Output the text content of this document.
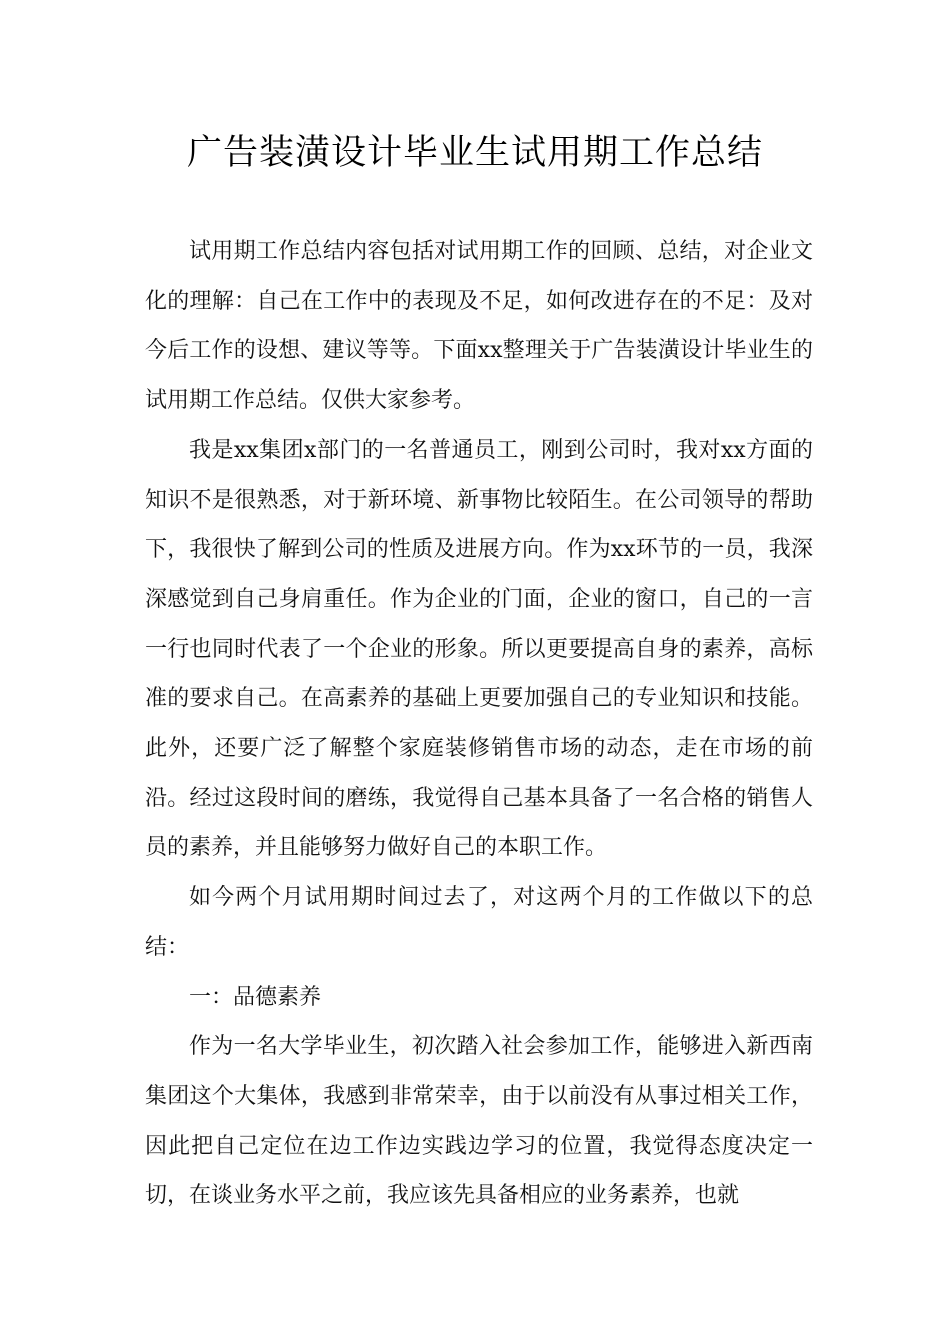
广告装潢设计毕业生试用期工作总结

试用期工作总结内容包括对试用期工作的回顾、总结，对企业文化的理解：自己在工作中的表现及不足，如何改进存在的不足：及对今后工作的设想、建议等等。下面xx整理关于广告装潢设计毕业生的试用期工作总结。仅供大家参考。

我是xx集团x部门的一名普通员工，刚到公司时，我对xx方面的知识不是很熟悉，对于新环境、新事物比较陌生。在公司领导的帮助下，我很快了解到公司的性质及进展方向。作为xx环节的一员，我深深感觉到自己身肩重任。作为企业的门面，企业的窗口，自己的一言一行也同时代表了一个企业的形象。所以更要提高自身的素养，高标准的要求自己。在高素养的基础上更要加强自己的专业知识和技能。此外，还要广泛了解整个家庭装修销售市场的动态，走在市场的前沿。经过这段时间的磨练，我觉得自己基本具备了一名合格的销售人员的素养，并且能够努力做好自己的本职工作。

如今两个月试用期时间过去了，对这两个月的工作做以下的总结：

一：品德素养

作为一名大学毕业生，初次踏入社会参加工作，能够进入新西南集团这个大集体，我感到非常荣幸，由于以前没有从事过相关工作，因此把自己定位在边工作边实践边学习的位置，我觉得态度决定一切，在谈业务水平之前，我应该先具备相应的业务素养，也就
